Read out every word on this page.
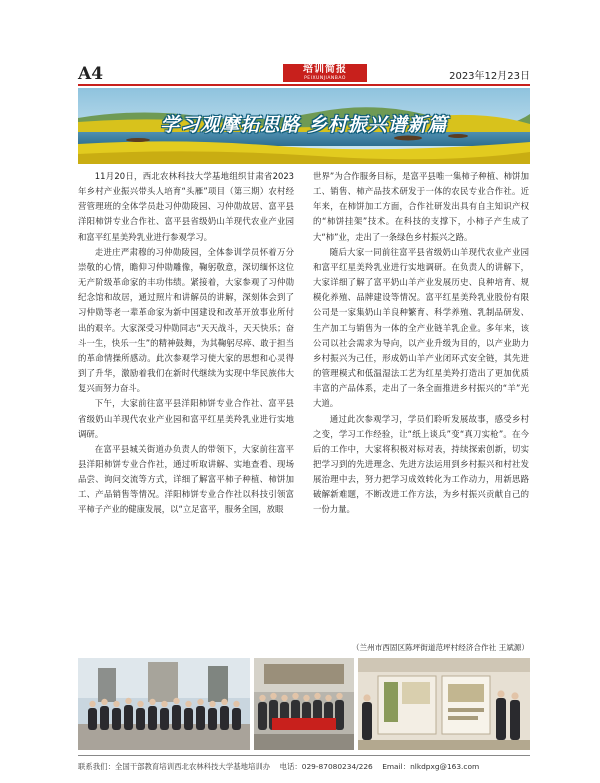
A4	培训简报
PEIXUNJIANBAO	2023年12月23日
学习观摩拓思路 乡村振兴谱新篇

11月20日，西北农林科技大学基地组织甘肃省2023年乡村产业振兴带头人培育“头雁”项目（第三期）农村经营管理班的全体学员赴习仲勋陵园、习仲勋故居、富平县洋阳柿饼专业合作社、富平县省级奶山羊现代农业产业园和富平红星美羚乳业进行参观学习。

走进庄严肃穆的习仲勋陵园，全体参训学员怀着万分崇敬的心情，瞻仰习仲勋雕像，鞠躬敬意，深切缅怀这位无产阶级革命家的丰功伟绩。紧接着，大家参观了习仲勋纪念馆和故居，通过照片和讲解员的讲解，深刻体会到了习仲勋等老一辈革命家为新中国建设和改革开放事业所付出的艰辛。大家深受习仲勋同志“天天战斗，天天快乐；奋斗一生，快乐一生”的精神鼓舞，为其鞠躬尽瘁、敢于担当的革命情操所感动。此次参观学习使大家的思想和心灵得到了升华，激励着我们在新时代继续为实现中华民族伟大复兴而努力奋斗。

下午，大家前往富平县洋阳柿饼专业合作社、富平县省级奶山羊现代农业产业园和富平红星美羚乳业进行实地调研。

在富平县城关街道办负责人的带领下，大家前往富平县洋阳柿饼专业合作社，通过听取讲解、实地查看、现场品尝、询问交流等方式，详细了解富平柿子种植、柿饼加工、产品销售等情况。洋阳柿饼专业合作社以科技引领富平柿子产业的健康发展，以“立足富平，服务全国，放眼

世界”为合作服务目标，是富平县唯一集柿子种植、柿饼加工、销售、柿产品技术研发于一体的农民专业合作社。近年来，在柿饼加工方面，合作社研发出具有自主知识产权的“柿饼挂架”技术。在科技的支撑下，小柿子产生成了大“柿”业，走出了一条绿色乡村振兴之路。

随后大家一同前往富平县省级奶山羊现代农业产业园和富平红星美羚乳业进行实地调研。在负责人的讲解下，大家详细了解了富平奶山羊产业发展历史、良种培育、规模化养殖、品牌建设等情况。富平红星美羚乳业股份有限公司是一家集奶山羊良种繁育、科学养殖、乳制品研发、生产加工与销售为一体的全产业链羊乳企业。多年来，该公司以社会需求为导向，以产业升级为目的，以产业助力乡村振兴为己任，形成奶山羊产业闭环式安全链，其先进的管理模式和低温湿法工艺为红星美羚打造出了更加优质丰富的产品体系，走出了一条全面推进乡村振兴的“羊”光大道。

通过此次参观学习，学员们聆听发展故事，感受乡村之变，学习工作经验，让“纸上谈兵”变“真刀实枪”。在今后的工作中，大家将积极对标对表，持续探索创新，切实把学习到的先进理念、先进方法运用到乡村振兴和村社发展治理中去，努力把学习成效转化为工作动力，用新思路破解新难题，不断改进工作方法，为乡村振兴贡献自己的一份力量。

（兰州市西固区陈坪街道范坪村经济合作社 王斌源）
联系我们：全国干部教育培训西北农林科技大学基地培训办 电话：029-87080234/226 Email：nlkdpxg@163.com
